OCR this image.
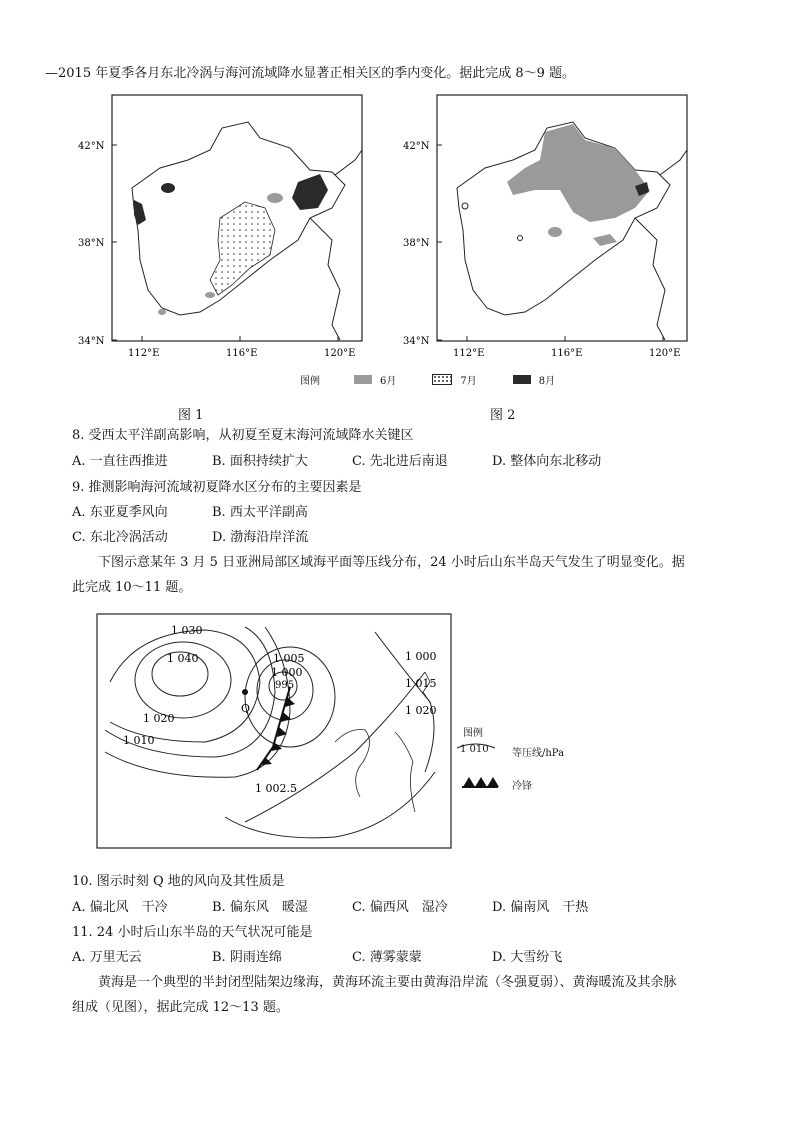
—2015 年夏季各月东北冷涡与海河流域降水显著正相关区的季内变化。据此完成 8～9 题。
42°N
38°N
34°N
112°E	116°E	120°E
42°N
38°N
34°N
112°E	116°E	120°E
图例	6月	7月	8月
图 1	图 2
8. 受西太平洋副高影响，从初夏至夏末海河流域降水关键区
A. 一直往西推进	B. 面积持续扩大	C. 先北进后南退	D. 整体向东北移动
9. 推测影响海河流域初夏降水区分布的主要因素是
A. 东亚夏季风向	B. 西太平洋副高
C. 东北冷涡活动	D. 渤海沿岸洋流
下图示意某年 3 月 5 日亚洲局部区域海平面等压线分布，24 小时后山东半岛天气发生了明显变化。据
此完成 10～11 题。
Q
1 030
1 040
1 020
1 010
1 005
1 000
995
1 002.5
1 000
1 015
1 020
图例
1 010 等压线/hPa
冷锋
10. 图示时刻 Q 地的风向及其性质是
A. 偏北风　干冷	B. 偏东风　暖湿	C. 偏西风　湿冷	D. 偏南风　干热
11. 24 小时后山东半岛的天气状况可能是
A. 万里无云	B. 阴雨连绵	C. 薄雾蒙蒙	D. 大雪纷飞
黄海是一个典型的半封闭型陆架边缘海，黄海环流主要由黄海沿岸流（冬强夏弱）、黄海暖流及其余脉
组成（见图），据此完成 12～13 题。
